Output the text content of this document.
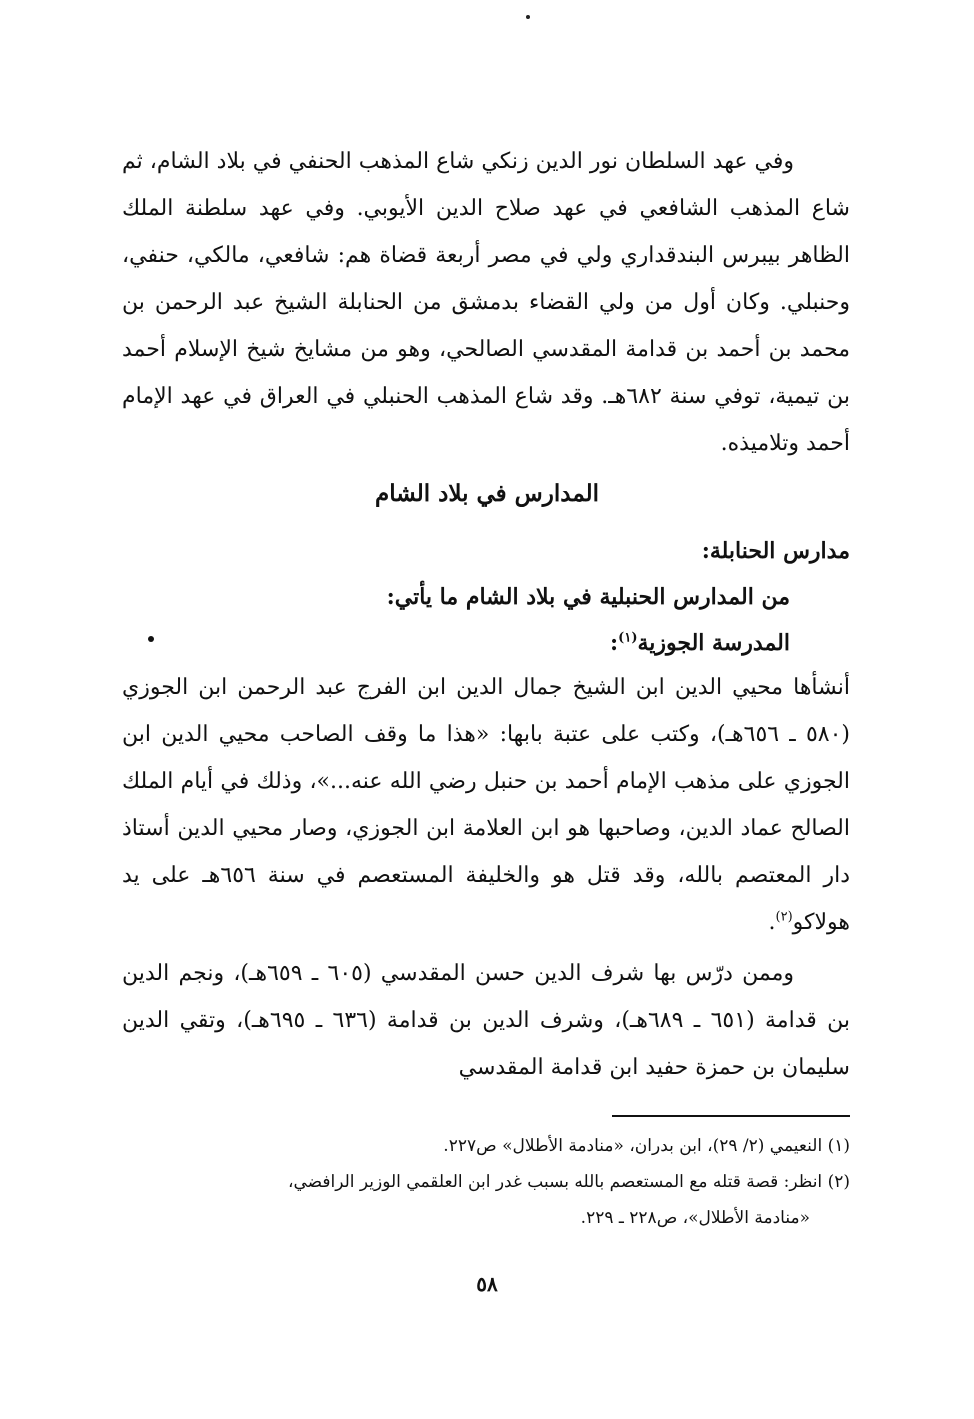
وفي عهد السلطان نور الدين زنكي شاع المذهب الحنفي في بلاد الشام، ثم شاع المذهب الشافعي في عهد صلاح الدين الأيوبي. وفي عهد سلطنة الملك الظاهر بيبرس البندقداري ولي في مصر أربعة قضاة هم: شافعي، مالكي، حنفي، وحنبلي. وكان أول من ولي القضاء بدمشق من الحنابلة الشيخ عبد الرحمن بن محمد بن أحمد بن قدامة المقدسي الصالحي، وهو من مشايخ شيخ الإسلام أحمد بن تيمية، توفي سنة ٦٨٢هـ. وقد شاع المذهب الحنبلي في العراق في عهد الإمام أحمد وتلاميذه.

المدارس في بلاد الشام
مدارس الحنابلة:
من المدارس الحنبلية في بلاد الشام ما يأتي:
المدرسة الجوزية$^{(١)}$:

أنشأها محيي الدين ابن الشيخ جمال الدين ابن الفرج عبد الرحمن ابن الجوزي (٥٨٠ ـ ٦٥٦هـ)، وكتب على عتبة بابها: «هذا ما وقف الصاحب محيي الدين ابن الجوزي على مذهب الإمام أحمد بن حنبل رضي الله عنه...»، وذلك في أيام الملك الصالح عماد الدين، وصاحبها هو ابن العلامة ابن الجوزي، وصار محيي الدين أستاذ دار المعتصم بالله، وقد قتل هو والخليفة المستعصم في سنة ٦٥٦هـ على يد هولاكو$^{(٢)}$.

وممن درّس بها شرف الدين حسن المقدسي (٦٠٥ ـ ٦٥٩هـ)، ونجم الدين بن قدامة (٦٥١ ـ ٦٨٩هـ)، وشرف الدين بن قدامة (٦٣٦ ـ ٦٩٥هـ)، وتقي الدين سليمان بن حمزة حفيد ابن قدامة المقدسي

(١) النعيمي (٢/ ٢٩)، ابن بدران، «منادمة الأطلال» ص٢٢٧.

(٢) انظر: قصة قتله مع المستعصم بالله بسبب غدر ابن العلقمي الوزير الرافضي،

«منادمة الأطلال»، ص٢٢٨ ـ ٢٢٩.

٥٨
